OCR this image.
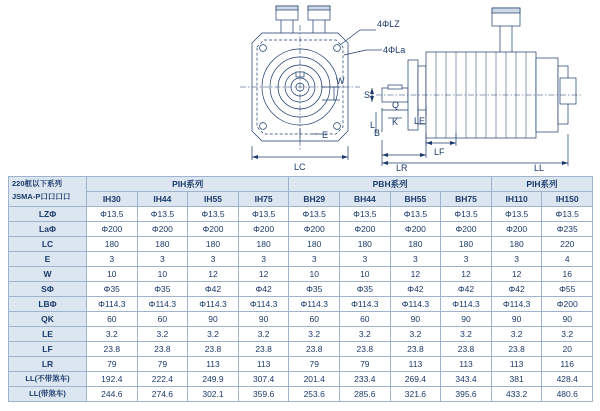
4ΦLZ
4ΦLa
W
E
S
Q
K LE
L
B
LC	LR
LF
LL
220框以下系列
JSMA-P口口口口	PIH系列				PBH系列				PIH系列	
	IH30	IH44	IH55	IH75	BH29	BH44	BH55	BH75	IH110	IH150
LZΦ	Φ13.5	Φ13.5	Φ13.5	Φ13.5	Φ13.5	Φ13.5	Φ13.5	Φ13.5	Φ13.5	Φ13.5
LaΦ	Φ200	Φ200	Φ200	Φ200	Φ200	Φ200	Φ200	Φ200	Φ200	Φ235
LC	180	180	180	180	180	180	180	180	180	220
E	3	3	3	3	3	3	3	3	3	4
W	10	10	12	12	10	10	12	12	12	16
SΦ	Φ35	Φ35	Φ42	Φ42	Φ35	Φ35	Φ42	Φ42	Φ42	Φ55
LBΦ	Φ114.3	Φ114.3	Φ114.3	Φ114.3	Φ114.3	Φ114.3	Φ114.3	Φ114.3	Φ114.3	Φ200
QK	60	60	90	90	60	60	90	90	90	90
LE	3.2	3.2	3.2	3.2	3.2	3.2	3.2	3.2	3.2	3.2
LF	23.8	23.8	23.8	23.8	23.8	23.8	23.8	23.8	23.8	20
LR	79	79	113	113	79	79	113	113	113	116
LL(不带煞车)	192.4	222.4	249.9	307.4	201.4	233.4	269.4	343.4	381	428.4
LL(带煞车)	244.6	274.6	302.1	359.6	253.6	285.6	321.6	395.6	433.2	480.6
